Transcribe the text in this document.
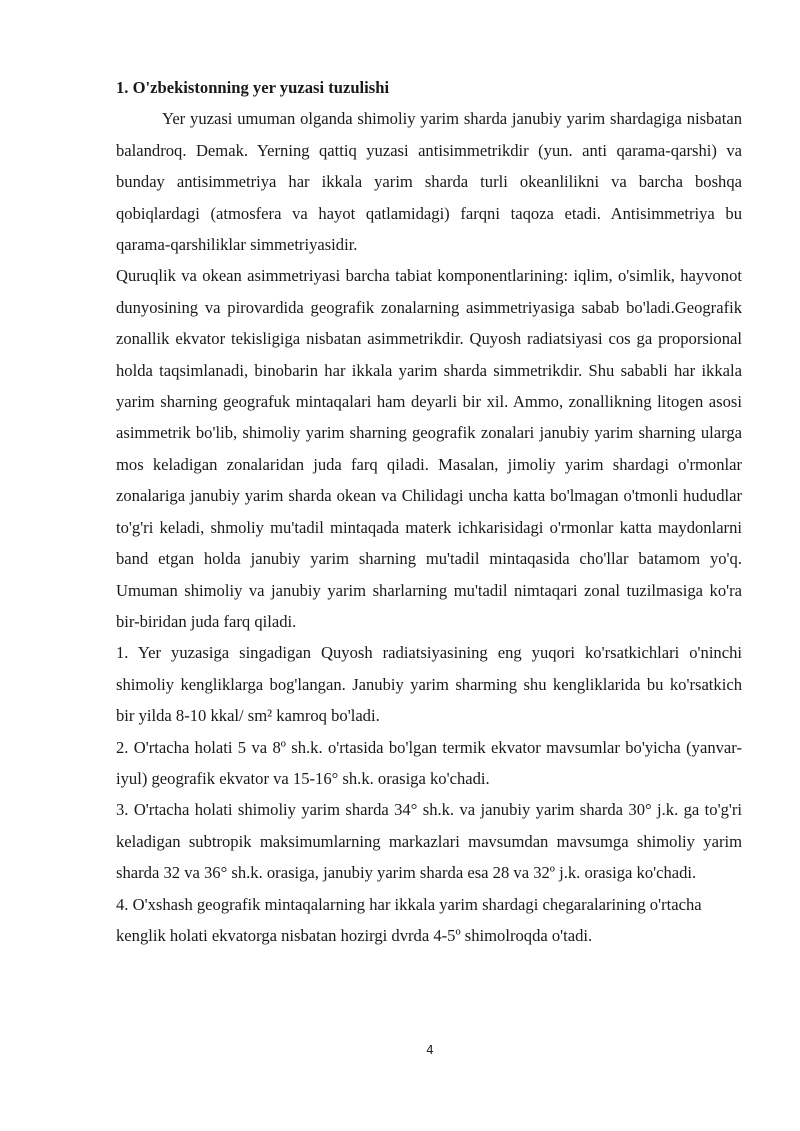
1. O'zbekistonning yer yuzasi tuzulishi

Yer yuzasi umuman olganda shimoliy yarim sharda janubiy yarim shardagiga nisbatan balandroq. Demak. Yerning qattiq yuzasi antisimmetrikdir (yun. anti qarama-qarshi) va bunday antisimmetriya har ikkala yarim sharda turli okeanlilikni va barcha boshqa qobiqlardagi (atmosfera va hayot qatlamidagi) farqni taqoza etadi. Antisimmetriya bu qarama-qarshiliklar simmetriyasidir.

Quruqlik va okean asimmetriyasi barcha tabiat komponentlarining: iqlim, o'simlik, hayvonot dunyosining va pirovardida geografik zonalarning asimmetriyasiga sabab bo'ladi.Geografik zonallik ekvator tekisligiga nisbatan asimmetrikdir. Quyosh radiatsiyasi cos ga proporsional holda taqsimlanadi, binobarin har ikkala yarim sharda simmetrikdir. Shu sababli har ikkala yarim sharning geografuk mintaqalari ham deyarli bir xil. Ammo, zonallikning litogen asosi asimmetrik bo'lib, shimoliy yarim sharning geografik zonalari janubiy yarim sharning ularga mos keladigan zonalaridan juda farq qiladi. Masalan, jimoliy yarim shardagi o'rmonlar zonalariga janubiy yarim sharda okean va Chilidagi uncha katta bo'lmagan o'tmonli hududlar to'g'ri keladi, shmoliy mu'tadil mintaqada materk ichkarisidagi o'rmonlar katta maydonlarni band etgan holda janubiy yarim sharning mu'tadil mintaqasida cho'llar batamom yo'q. Umuman shimoliy va janubiy yarim sharlarning mu'tadil nimtaqari zonal tuzilmasiga ko'ra bir-biridan juda farq qiladi.

1. Yer yuzasiga singadigan Quyosh radiatsiyasining eng yuqori ko'rsatkichlari o'ninchi shimoliy kengliklarga bog'langan. Janubiy yarim sharming shu kengliklarida bu ko'rsatkich bir yilda 8-10 kkal/ sm² kamroq bo'ladi.

2. O'rtacha holati 5 va 8º sh.k. o'rtasida bo'lgan termik ekvator mavsumlar bo'yicha (yanvar-iyul) geografik ekvator va 15-16° sh.k. orasiga ko'chadi.

3. O'rtacha holati shimoliy yarim sharda 34° sh.k. va janubiy yarim sharda 30° j.k. ga to'g'ri keladigan subtropik maksimumlarning markazlari mavsumdan mavsumga shimoliy yarim sharda 32 va 36° sh.k. orasiga, janubiy yarim sharda esa 28 va 32º j.k. orasiga ko'chadi.

4. O'xshash geografik mintaqalarning har ikkala yarim shardagi chegaralarining o'rtacha kenglik holati ekvatorga nisbatan hozirgi dvrda 4-5º shimolroqda o'tadi.

4
